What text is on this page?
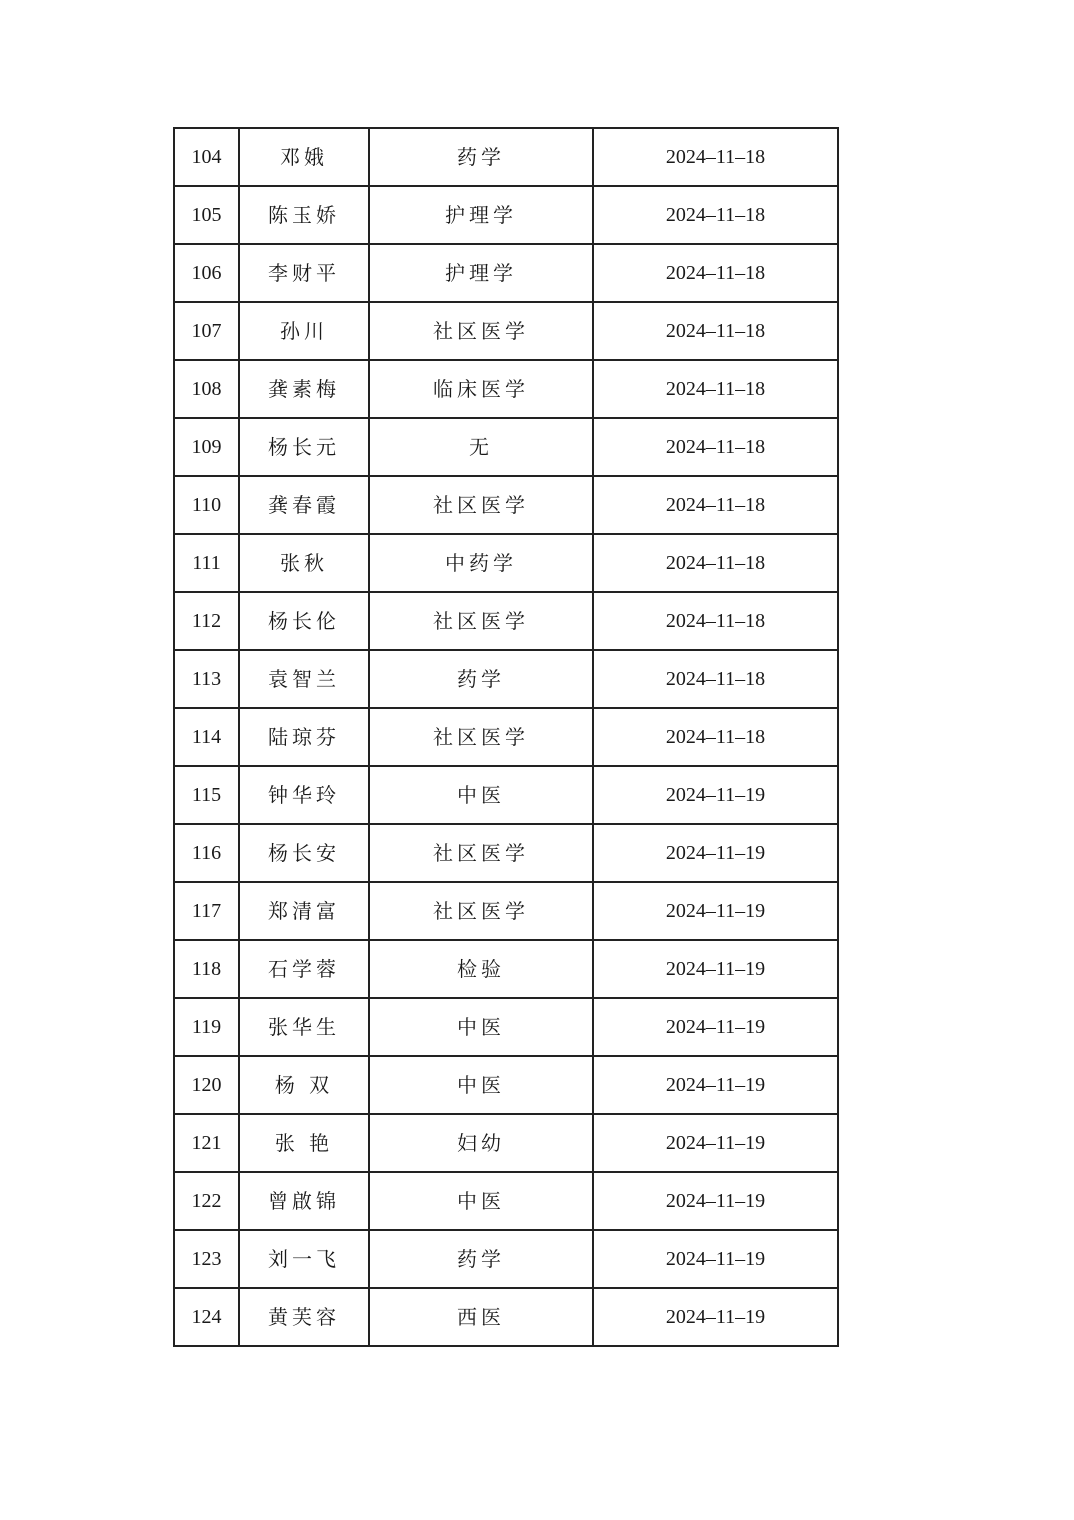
104	邓娥	药学	2024–11–18
105	陈玉娇	护理学	2024–11–18
106	李财平	护理学	2024–11–18
107	孙川	社区医学	2024–11–18
108	龚素梅	临床医学	2024–11–18
109	杨长元	无	2024–11–18
110	龚春霞	社区医学	2024–11–18
111	张秋	中药学	2024–11–18
112	杨长伦	社区医学	2024–11–18
113	袁智兰	药学	2024–11–18
114	陆琼芬	社区医学	2024–11–18
115	钟华玲	中医	2024–11–19
116	杨长安	社区医学	2024–11–19
117	郑清富	社区医学	2024–11–19
118	石学蓉	检验	2024–11–19
119	张华生	中医	2024–11–19
120	杨 双	中医	2024–11–19
121	张 艳	妇幼	2024–11–19
122	曾啟锦	中医	2024–11–19
123	刘一飞	药学	2024–11–19
124	黄芙容	西医	2024–11–19
